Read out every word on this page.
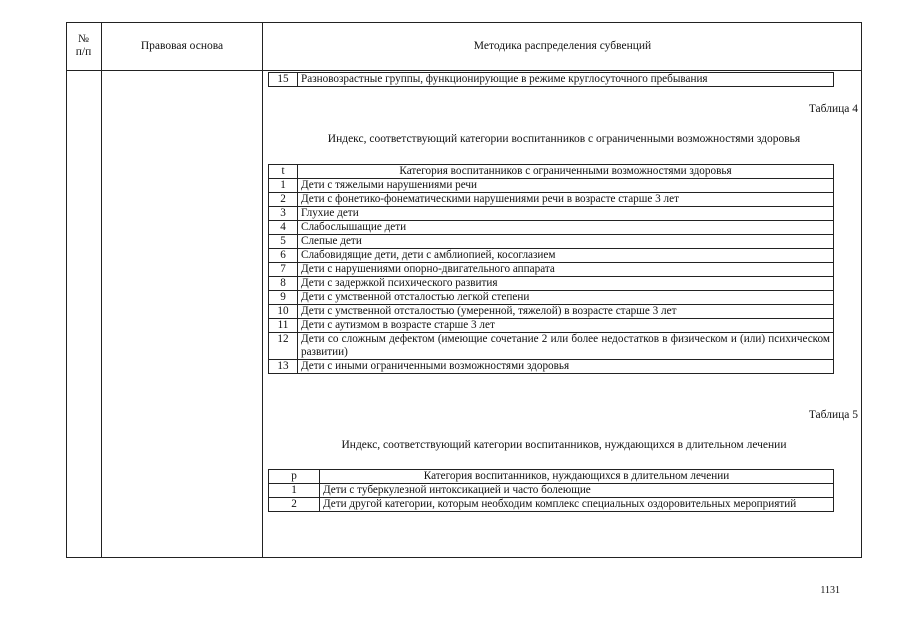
№
п/п	Правовая основа	Методика распределения субвенций
15	Разновозрастные группы, функционирующие в режиме круглосуточного пребывания
Таблица 4
Индекс, соответствующий категории воспитанников с ограниченными возможностями здоровья
t	Категория воспитанников с ограниченными возможностями здоровья
1	Дети с тяжелыми нарушениями речи
2	Дети с фонетико-фонематическими нарушениями речи в возрасте старше 3 лет
3	Глухие дети
4	Слабослышащие дети
5	Слепые дети
6	Слабовидящие дети, дети с амблиопией, косоглазием
7	Дети с нарушениями опорно-двигательного аппарата
8	Дети с задержкой психического развития
9	Дети с умственной отсталостью легкой степени
10	Дети с умственной отсталостью (умеренной, тяжелой) в возрасте старше 3 лет
11	Дети с аутизмом в возрасте старше 3 лет
12	Дети со сложным дефектом (имеющие сочетание 2 или более недостатков в физическом и (или) психическом развитии)
13	Дети с иными ограниченными возможностями здоровья
Таблица 5
Индекс, соответствующий категории воспитанников, нуждающихся в длительном лечении
p	Категория воспитанников, нуждающихся в длительном лечении
1	Дети с туберкулезной интоксикацией и часто болеющие
2	Дети другой категории, которым необходим комплекс специальных оздоровительных мероприятий
1131
